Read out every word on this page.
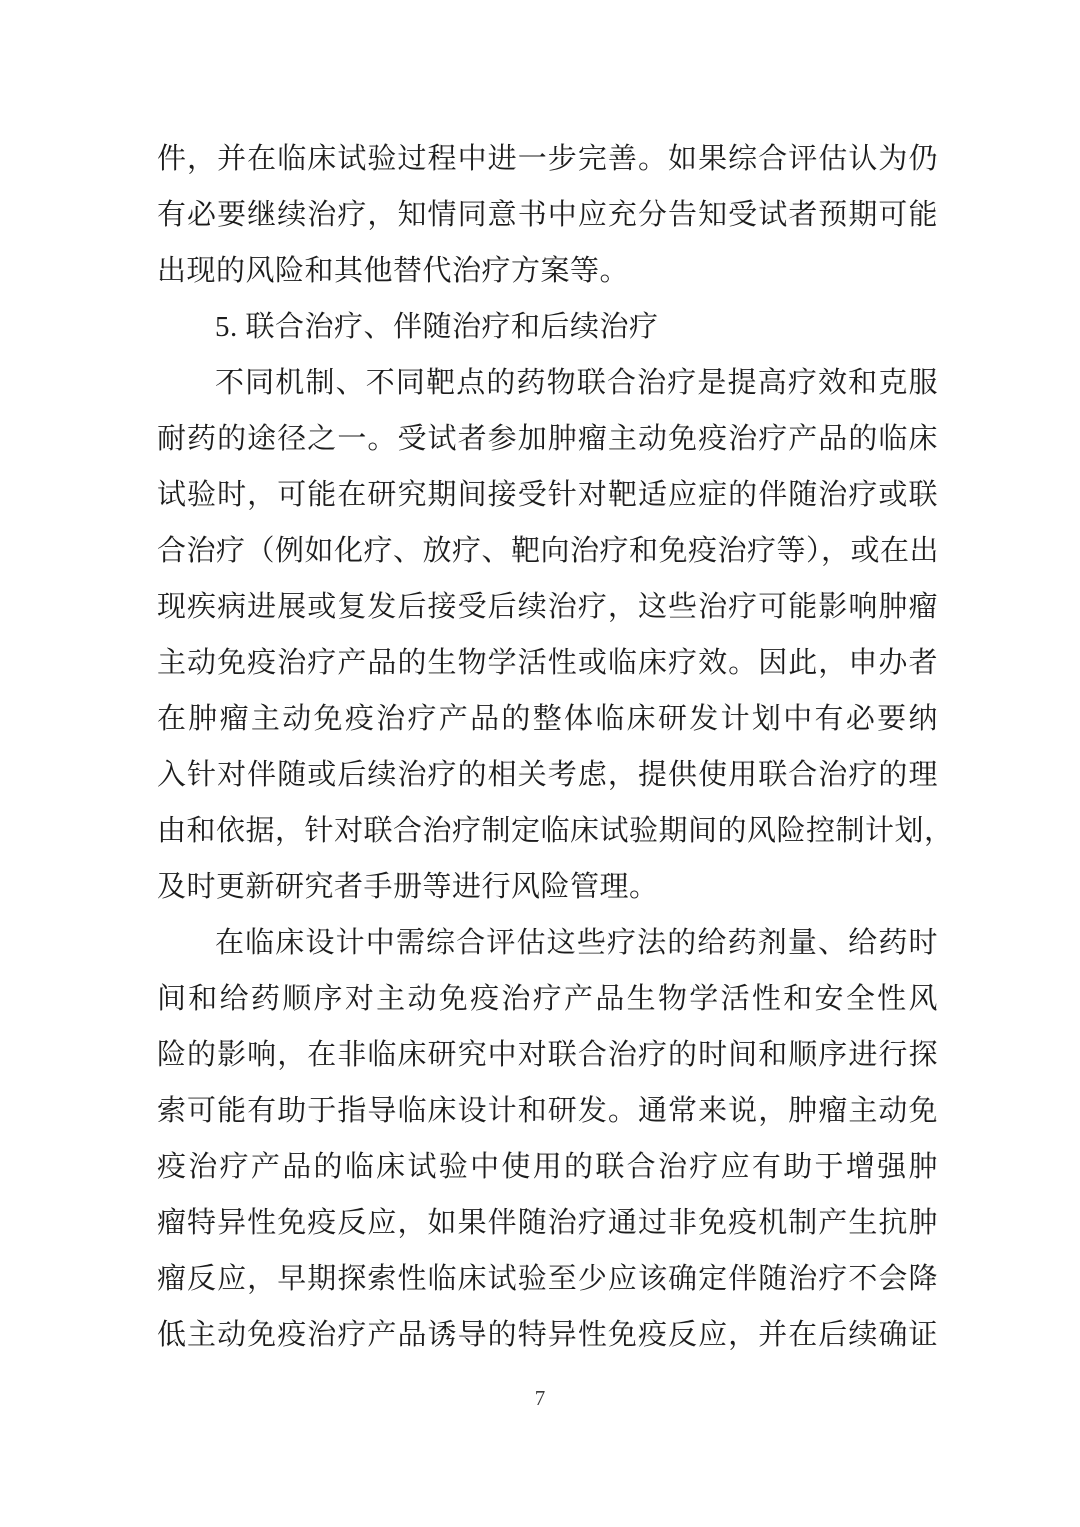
件，并在临床试验过程中进一步完善。如果综合评估认为仍
有必要继续治疗，知情同意书中应充分告知受试者预期可能
出现的风险和其他替代治疗方案等。
5. 联合治疗、伴随治疗和后续治疗
不同机制、不同靶点的药物联合治疗是提高疗效和克服
耐药的途径之一。受试者参加肿瘤主动免疫治疗产品的临床
试验时，可能在研究期间接受针对靶适应症的伴随治疗或联
合治疗（例如化疗、放疗、靶向治疗和免疫治疗等），或在出
现疾病进展或复发后接受后续治疗，这些治疗可能影响肿瘤
主动免疫治疗产品的生物学活性或临床疗效。因此，申办者
在肿瘤主动免疫治疗产品的整体临床研发计划中有必要纳
入针对伴随或后续治疗的相关考虑，提供使用联合治疗的理
由和依据，针对联合治疗制定临床试验期间的风险控制计划，
及时更新研究者手册等进行风险管理。
在临床设计中需综合评估这些疗法的给药剂量、给药时
间和给药顺序对主动免疫治疗产品生物学活性和安全性风
险的影响，在非临床研究中对联合治疗的时间和顺序进行探
索可能有助于指导临床设计和研发。通常来说，肿瘤主动免
疫治疗产品的临床试验中使用的联合治疗应有助于增强肿
瘤特异性免疫反应，如果伴随治疗通过非免疫机制产生抗肿
瘤反应，早期探索性临床试验至少应该确定伴随治疗不会降
低主动免疫治疗产品诱导的特异性免疫反应，并在后续确证
7
